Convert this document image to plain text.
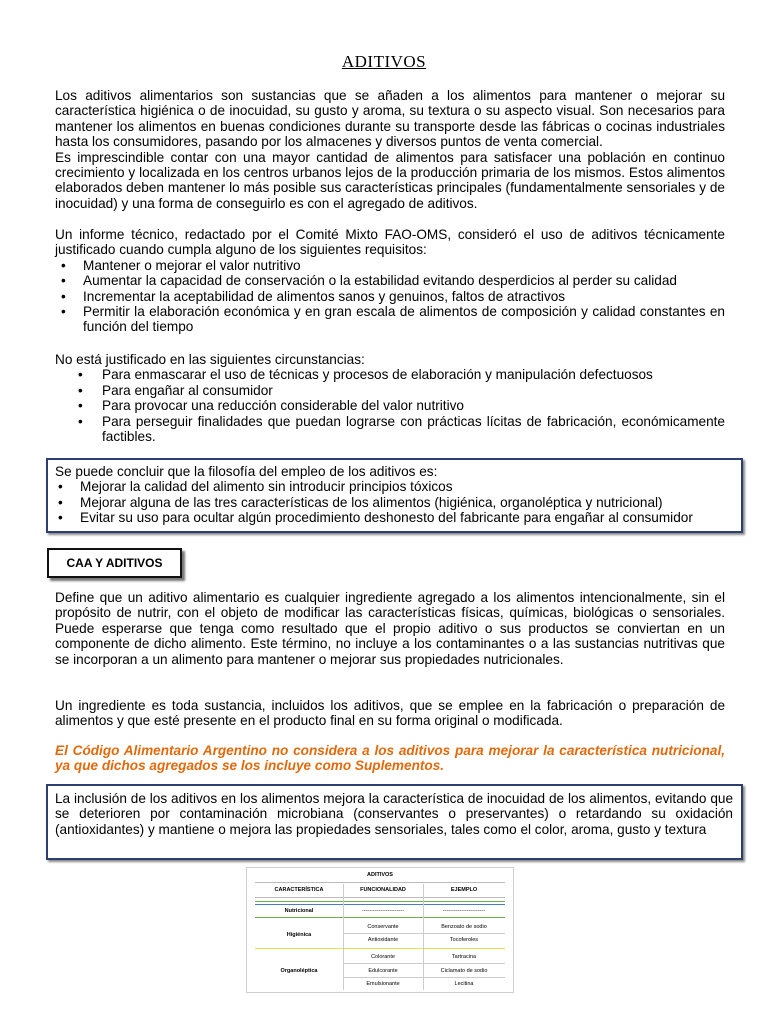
ADITIVOS

Los aditivos alimentarios son sustancias que se añaden a los alimentos para mantener o mejorar su característica higiénica o de inocuidad, su gusto y aroma, su textura o su aspecto visual. Son necesarios para mantener los alimentos en buenas condiciones durante su transporte desde las fábricas o cocinas industriales hasta los consumidores, pasando por los almacenes y diversos puntos de venta comercial.

Es imprescindible contar con una mayor cantidad de alimentos para satisfacer una población en continuo crecimiento y localizada en los centros urbanos lejos de la producción primaria de los mismos. Estos alimentos elaborados deben mantener lo más posible sus características principales (fundamentalmente sensoriales y de inocuidad) y una forma de conseguirlo es con el agregado de aditivos.

Un informe técnico, redactado por el Comité Mixto FAO-OMS, consideró el uso de aditivos técnicamente justificado cuando cumpla alguno de los siguientes requisitos:

• Mantener o mejorar el valor nutritivo
• Aumentar la capacidad de conservación o la estabilidad evitando desperdicios al perder su calidad
• Incrementar la aceptabilidad de alimentos sanos y genuinos, faltos de atractivos
• Permitir la elaboración económica y en gran escala de alimentos de composición y calidad constantes en función del tiempo

No está justificado en las siguientes circunstancias:

• Para enmascarar el uso de técnicas y procesos de elaboración y manipulación defectuosos
• Para engañar al consumidor
• Para provocar una reducción considerable del valor nutritivo
• Para perseguir finalidades que puedan lograrse con prácticas lícitas de fabricación, económicamente factibles.

Se puede concluir que la filosofía del empleo de los aditivos es:

• Mejorar la calidad del alimento sin introducir principios tóxicos
• Mejorar alguna de las tres características de los alimentos (higiénica, organoléptica y nutricional)
• Evitar su uso para ocultar algún procedimiento deshonesto del fabricante para engañar al consumidor
CAA Y ADITIVOS

Define que un aditivo alimentario es cualquier ingrediente agregado a los alimentos intencionalmente, sin el propósito de nutrir, con el objeto de modificar las características físicas, químicas, biológicas o sensoriales. Puede esperarse que tenga como resultado que el propio aditivo o sus productos se conviertan en un componente de dicho alimento. Este término, no incluye a los contaminantes o a las sustancias nutritivas que se incorporan a un alimento para mantener o mejorar sus propiedades nutricionales.

Un ingrediente es toda sustancia, incluidos los aditivos, que se emplee en la fabricación o preparación de alimentos y que esté presente en el producto final en su forma original o modificada.

El Código Alimentario Argentino no considera a los aditivos para mejorar la característica nutricional, ya que dichos agregados se los incluye como Suplementos.
La inclusión de los aditivos en los alimentos mejora la característica de inocuidad de los alimentos, evitando que se deterioren por contaminación microbiana (conservantes o preservantes) o retardando su oxidación (antioxidantes) y mantiene o mejora las propiedades sensoriales, tales como el color, aroma, gusto y textura
ADITIVOS
CARACTERÍSTICA	FUNCIONALIDAD	EJEMPLO
Nutricional	-----------------------	-----------------------
Higiénica
Conservante	Benzoato de sodio
Antioxidante	Tocoferoles
Organoléptica
Colorante	Tartracina
Edulcorante	Ciclamato de sodio
Emulsionante	Lecitina
